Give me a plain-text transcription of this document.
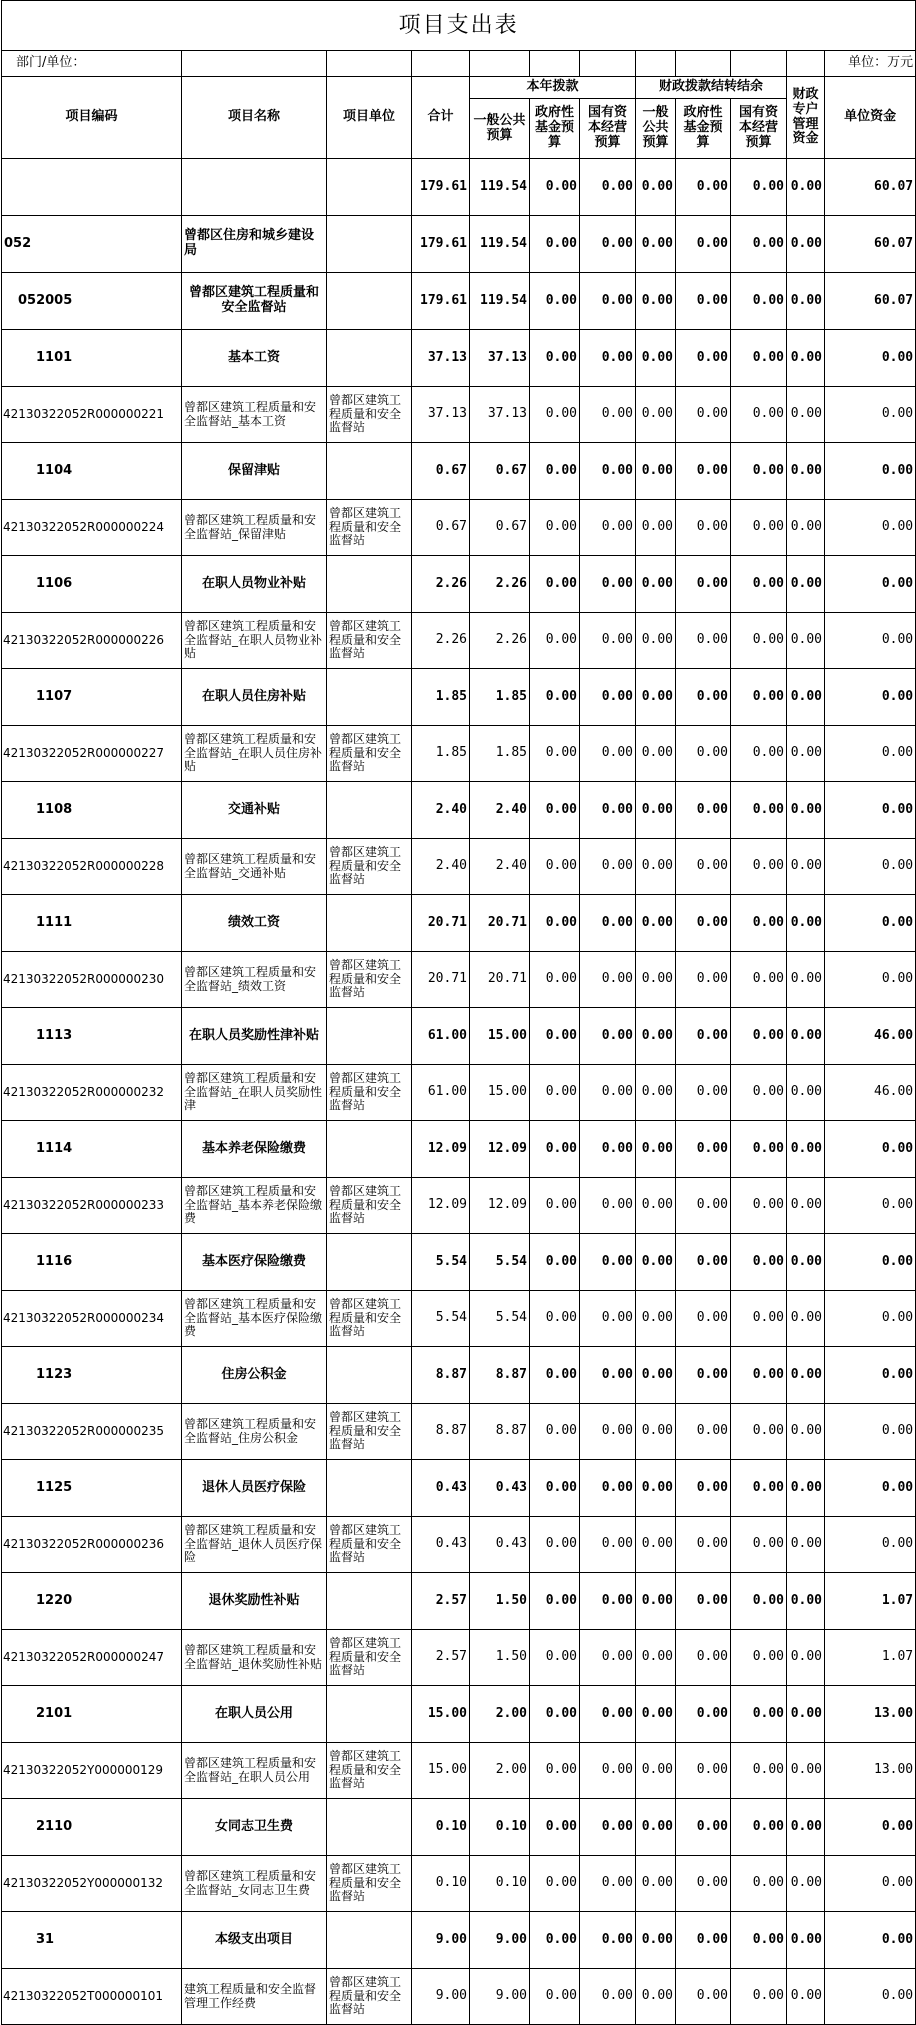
项目支出表											
部门/单位：											单位：万元
项目编码	项目名称	项目单位	合计	本年拨款			财政拨款结转结余			财政专户管理资金	单位资金
				一般公共预算	政府性基金预算	国有资本经营预算	一般公共预算	政府性基金预算	国有资本经营预算		
			179.61	119.54	0.00	0.00	0.00	0.00	0.00	0.00	60.07
052	曾都区住房和城乡建设局		179.61	119.54	0.00	0.00	0.00	0.00	0.00	0.00	60.07
052005	曾都区建筑工程质量和安全监督站		179.61	119.54	0.00	0.00	0.00	0.00	0.00	0.00	60.07
1101	基本工资		37.13	37.13	0.00	0.00	0.00	0.00	0.00	0.00	0.00
42130322052R000000221	曾都区建筑工程质量和安全监督站_基本工资	曾都区建筑工程质量和安全监督站	37.13	37.13	0.00	0.00	0.00	0.00	0.00	0.00	0.00
1104	保留津贴		0.67	0.67	0.00	0.00	0.00	0.00	0.00	0.00	0.00
42130322052R000000224	曾都区建筑工程质量和安全监督站_保留津贴	曾都区建筑工程质量和安全监督站	0.67	0.67	0.00	0.00	0.00	0.00	0.00	0.00	0.00
1106	在职人员物业补贴		2.26	2.26	0.00	0.00	0.00	0.00	0.00	0.00	0.00
42130322052R000000226	曾都区建筑工程质量和安全监督站_在职人员物业补贴	曾都区建筑工程质量和安全监督站	2.26	2.26	0.00	0.00	0.00	0.00	0.00	0.00	0.00
1107	在职人员住房补贴		1.85	1.85	0.00	0.00	0.00	0.00	0.00	0.00	0.00
42130322052R000000227	曾都区建筑工程质量和安全监督站_在职人员住房补贴	曾都区建筑工程质量和安全监督站	1.85	1.85	0.00	0.00	0.00	0.00	0.00	0.00	0.00
1108	交通补贴		2.40	2.40	0.00	0.00	0.00	0.00	0.00	0.00	0.00
42130322052R000000228	曾都区建筑工程质量和安全监督站_交通补贴	曾都区建筑工程质量和安全监督站	2.40	2.40	0.00	0.00	0.00	0.00	0.00	0.00	0.00
1111	绩效工资		20.71	20.71	0.00	0.00	0.00	0.00	0.00	0.00	0.00
42130322052R000000230	曾都区建筑工程质量和安全监督站_绩效工资	曾都区建筑工程质量和安全监督站	20.71	20.71	0.00	0.00	0.00	0.00	0.00	0.00	0.00
1113	在职人员奖励性津补贴		61.00	15.00	0.00	0.00	0.00	0.00	0.00	0.00	46.00
42130322052R000000232	曾都区建筑工程质量和安全监督站_在职人员奖励性津	曾都区建筑工程质量和安全监督站	61.00	15.00	0.00	0.00	0.00	0.00	0.00	0.00	46.00
1114	基本养老保险缴费		12.09	12.09	0.00	0.00	0.00	0.00	0.00	0.00	0.00
42130322052R000000233	曾都区建筑工程质量和安全监督站_基本养老保险缴费	曾都区建筑工程质量和安全监督站	12.09	12.09	0.00	0.00	0.00	0.00	0.00	0.00	0.00
1116	基本医疗保险缴费		5.54	5.54	0.00	0.00	0.00	0.00	0.00	0.00	0.00
42130322052R000000234	曾都区建筑工程质量和安全监督站_基本医疗保险缴费	曾都区建筑工程质量和安全监督站	5.54	5.54	0.00	0.00	0.00	0.00	0.00	0.00	0.00
1123	住房公积金		8.87	8.87	0.00	0.00	0.00	0.00	0.00	0.00	0.00
42130322052R000000235	曾都区建筑工程质量和安全监督站_住房公积金	曾都区建筑工程质量和安全监督站	8.87	8.87	0.00	0.00	0.00	0.00	0.00	0.00	0.00
1125	退休人员医疗保险		0.43	0.43	0.00	0.00	0.00	0.00	0.00	0.00	0.00
42130322052R000000236	曾都区建筑工程质量和安全监督站_退休人员医疗保险	曾都区建筑工程质量和安全监督站	0.43	0.43	0.00	0.00	0.00	0.00	0.00	0.00	0.00
1220	退休奖励性补贴		2.57	1.50	0.00	0.00	0.00	0.00	0.00	0.00	1.07
42130322052R000000247	曾都区建筑工程质量和安全监督站_退休奖励性补贴	曾都区建筑工程质量和安全监督站	2.57	1.50	0.00	0.00	0.00	0.00	0.00	0.00	1.07
2101	在职人员公用		15.00	2.00	0.00	0.00	0.00	0.00	0.00	0.00	13.00
42130322052Y000000129	曾都区建筑工程质量和安全监督站_在职人员公用	曾都区建筑工程质量和安全监督站	15.00	2.00	0.00	0.00	0.00	0.00	0.00	0.00	13.00
2110	女同志卫生费		0.10	0.10	0.00	0.00	0.00	0.00	0.00	0.00	0.00
42130322052Y000000132	曾都区建筑工程质量和安全监督站_女同志卫生费	曾都区建筑工程质量和安全监督站	0.10	0.10	0.00	0.00	0.00	0.00	0.00	0.00	0.00
31	本级支出项目		9.00	9.00	0.00	0.00	0.00	0.00	0.00	0.00	0.00
42130322052T000000101	建筑工程质量和安全监督管理工作经费	曾都区建筑工程质量和安全监督站	9.00	9.00	0.00	0.00	0.00	0.00	0.00	0.00	0.00
